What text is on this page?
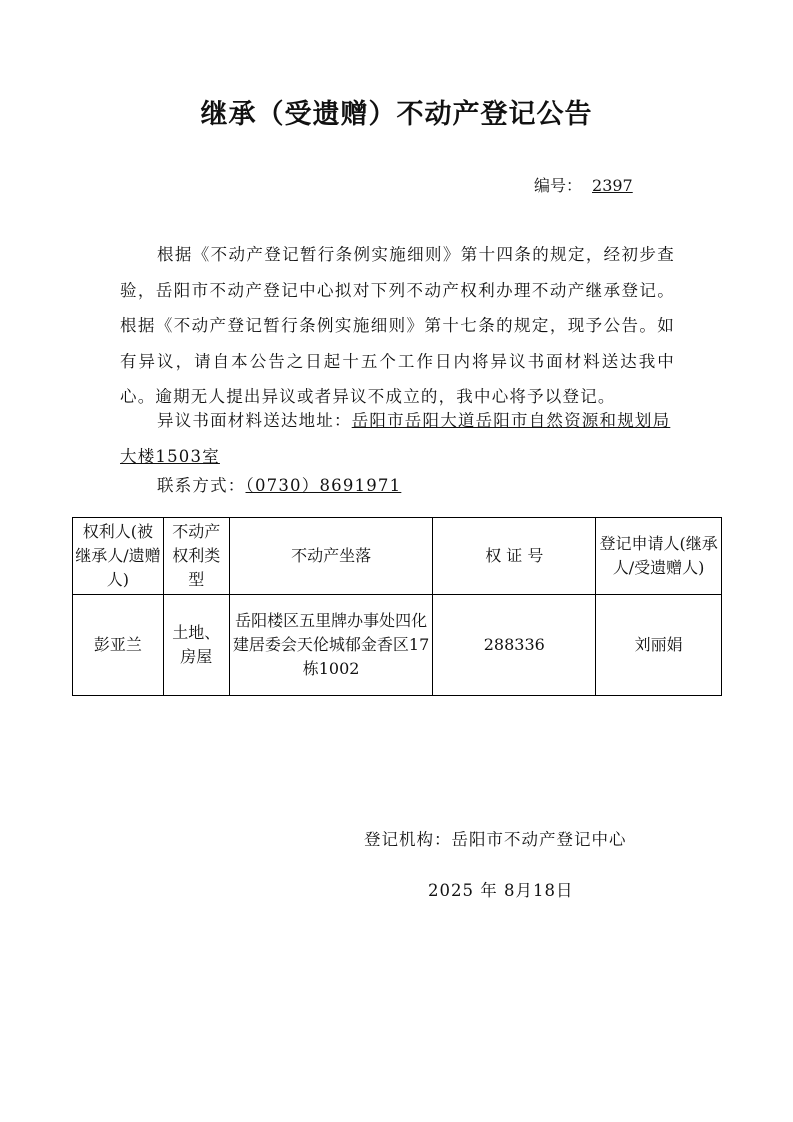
继承（受遗赠）不动产登记公告
编号： 2397

根据《不动产登记暂行条例实施细则》第十四条的规定，经初步查验，岳阳市不动产登记中心拟对下列不动产权利办理不动产继承登记。根据《不动产登记暂行条例实施细则》第十七条的规定，现予公告。如有异议，请自本公告之日起十五个工作日内将异议书面材料送达我中心。逾期无人提出异议或者异议不成立的，我中心将予以登记。

异议书面材料送达地址：岳阳市岳阳大道岳阳市自然资源和规划局大楼1503室

联系方式：（0730）8691971
权利人(被继承人/遗赠人)	不动产权利类型	不动产坐落	权 证 号	登记申请人(继承人/受遗赠人)
彭亚兰	土地、房屋	岳阳楼区五里牌办事处四化建居委会天伦城郁金香区17栋1002	288336	刘丽娟
登记机构：岳阳市不动产登记中心
2025 年 8月18日
